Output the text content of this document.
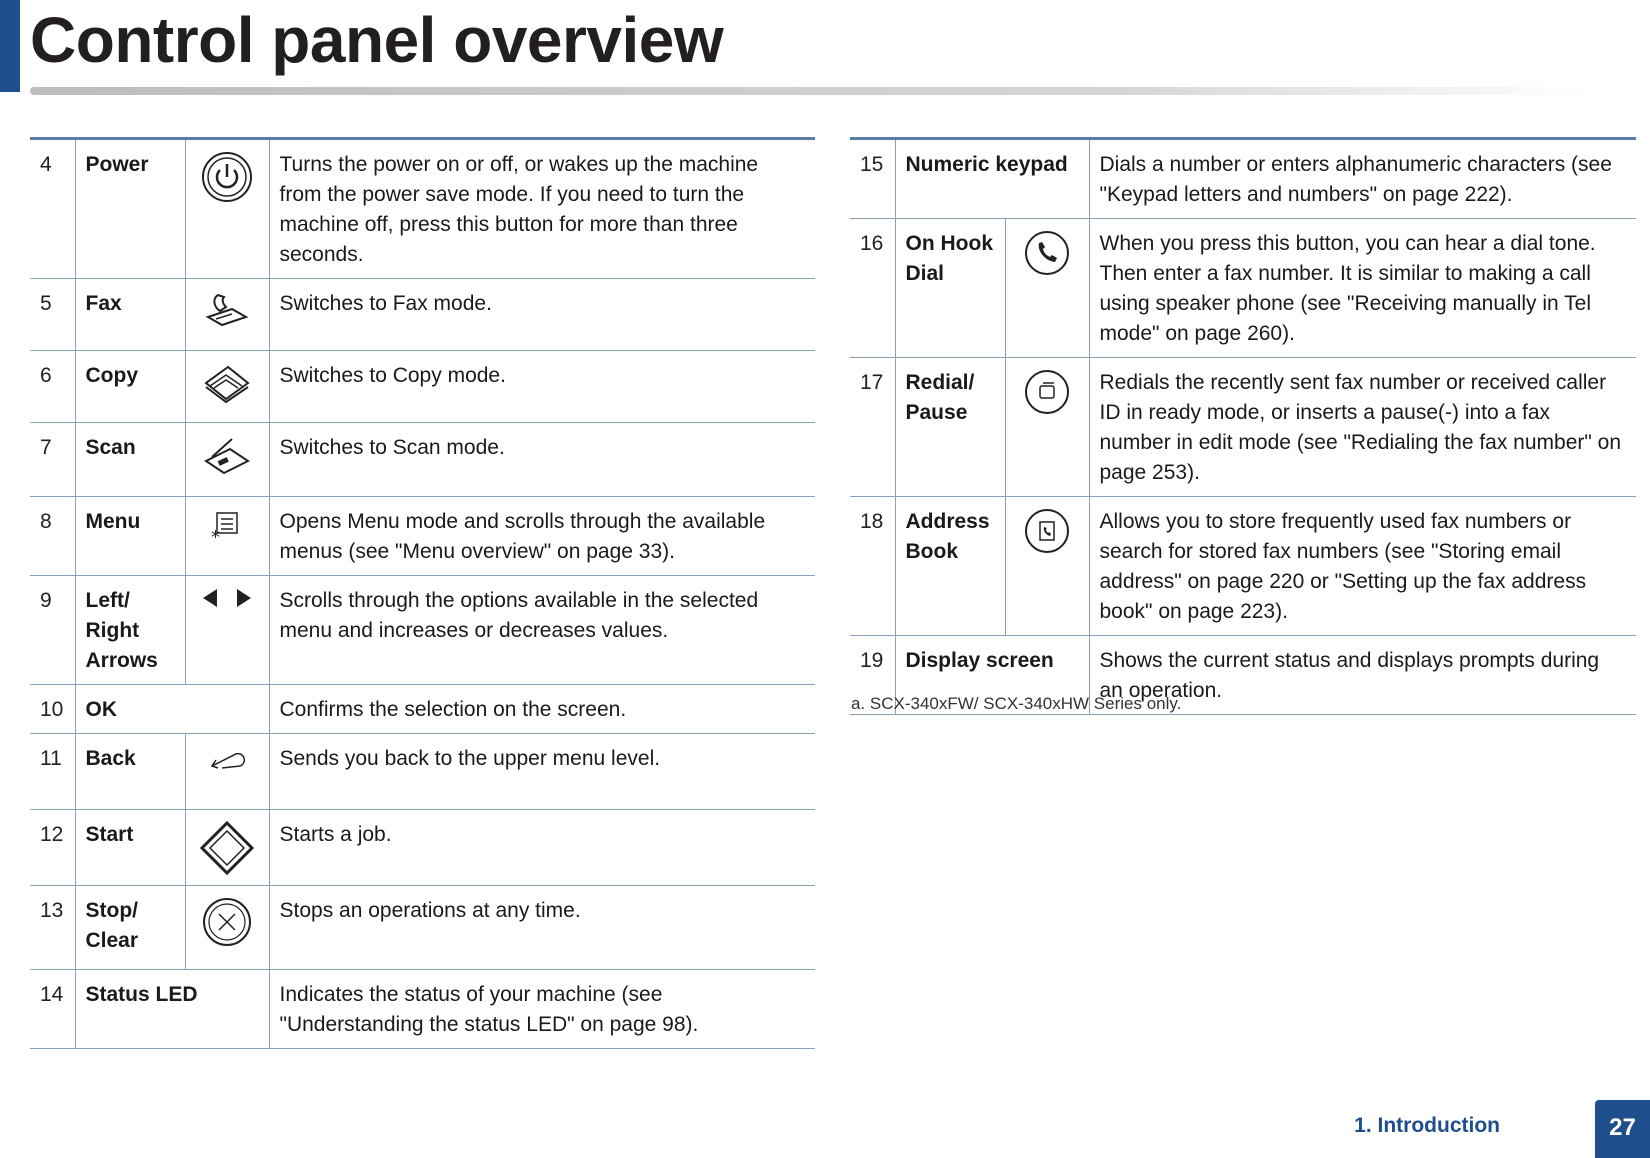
Control panel overview
4	Power		Turns the power on or off, or wakes up the machine from the power save mode. If you need to turn the machine off, press this button for more than three seconds.
5	Fax		Switches to Fax mode.
6	Copy		Switches to Copy mode.
7	Scan		Switches to Scan mode.
8	Menu	*	Opens Menu mode and scrolls through the available menus (see "Menu overview" on page 33).
9	Left/ Right Arrows		Scrolls through the options available in the selected menu and increases or decreases values.
10	OK		Confirms the selection on the screen.
11	Back		Sends you back to the upper menu level.
12	Start		Starts a job.
13	Stop/ Clear		Stops an operations at any time.
14	Status LED		Indicates the status of your machine (see "Understanding the status LED" on page 98).
15	Numeric keypad		Dials a number or enters alphanumeric characters (see "Keypad letters and numbers" on page 222).
16	On Hook Dial		When you press this button, you can hear a dial tone. Then enter a fax number. It is similar to making a call using speaker phone (see "Receiving manually in Tel mode" on page 260).
17	Redial/ Pause		Redials the recently sent fax number or received caller ID in ready mode, or inserts a pause(-) into a fax number in edit mode (see "Redialing the fax number" on page 253).
18	Address Book		Allows you to store frequently used fax numbers or search for stored fax numbers (see "Storing email address" on page 220 or "Setting up the fax address book" on page 223).
19	Display screen		Shows the current status and displays prompts during an operation.
a. SCX-340xFW/ SCX-340xHW Series only.
1. Introduction	27
